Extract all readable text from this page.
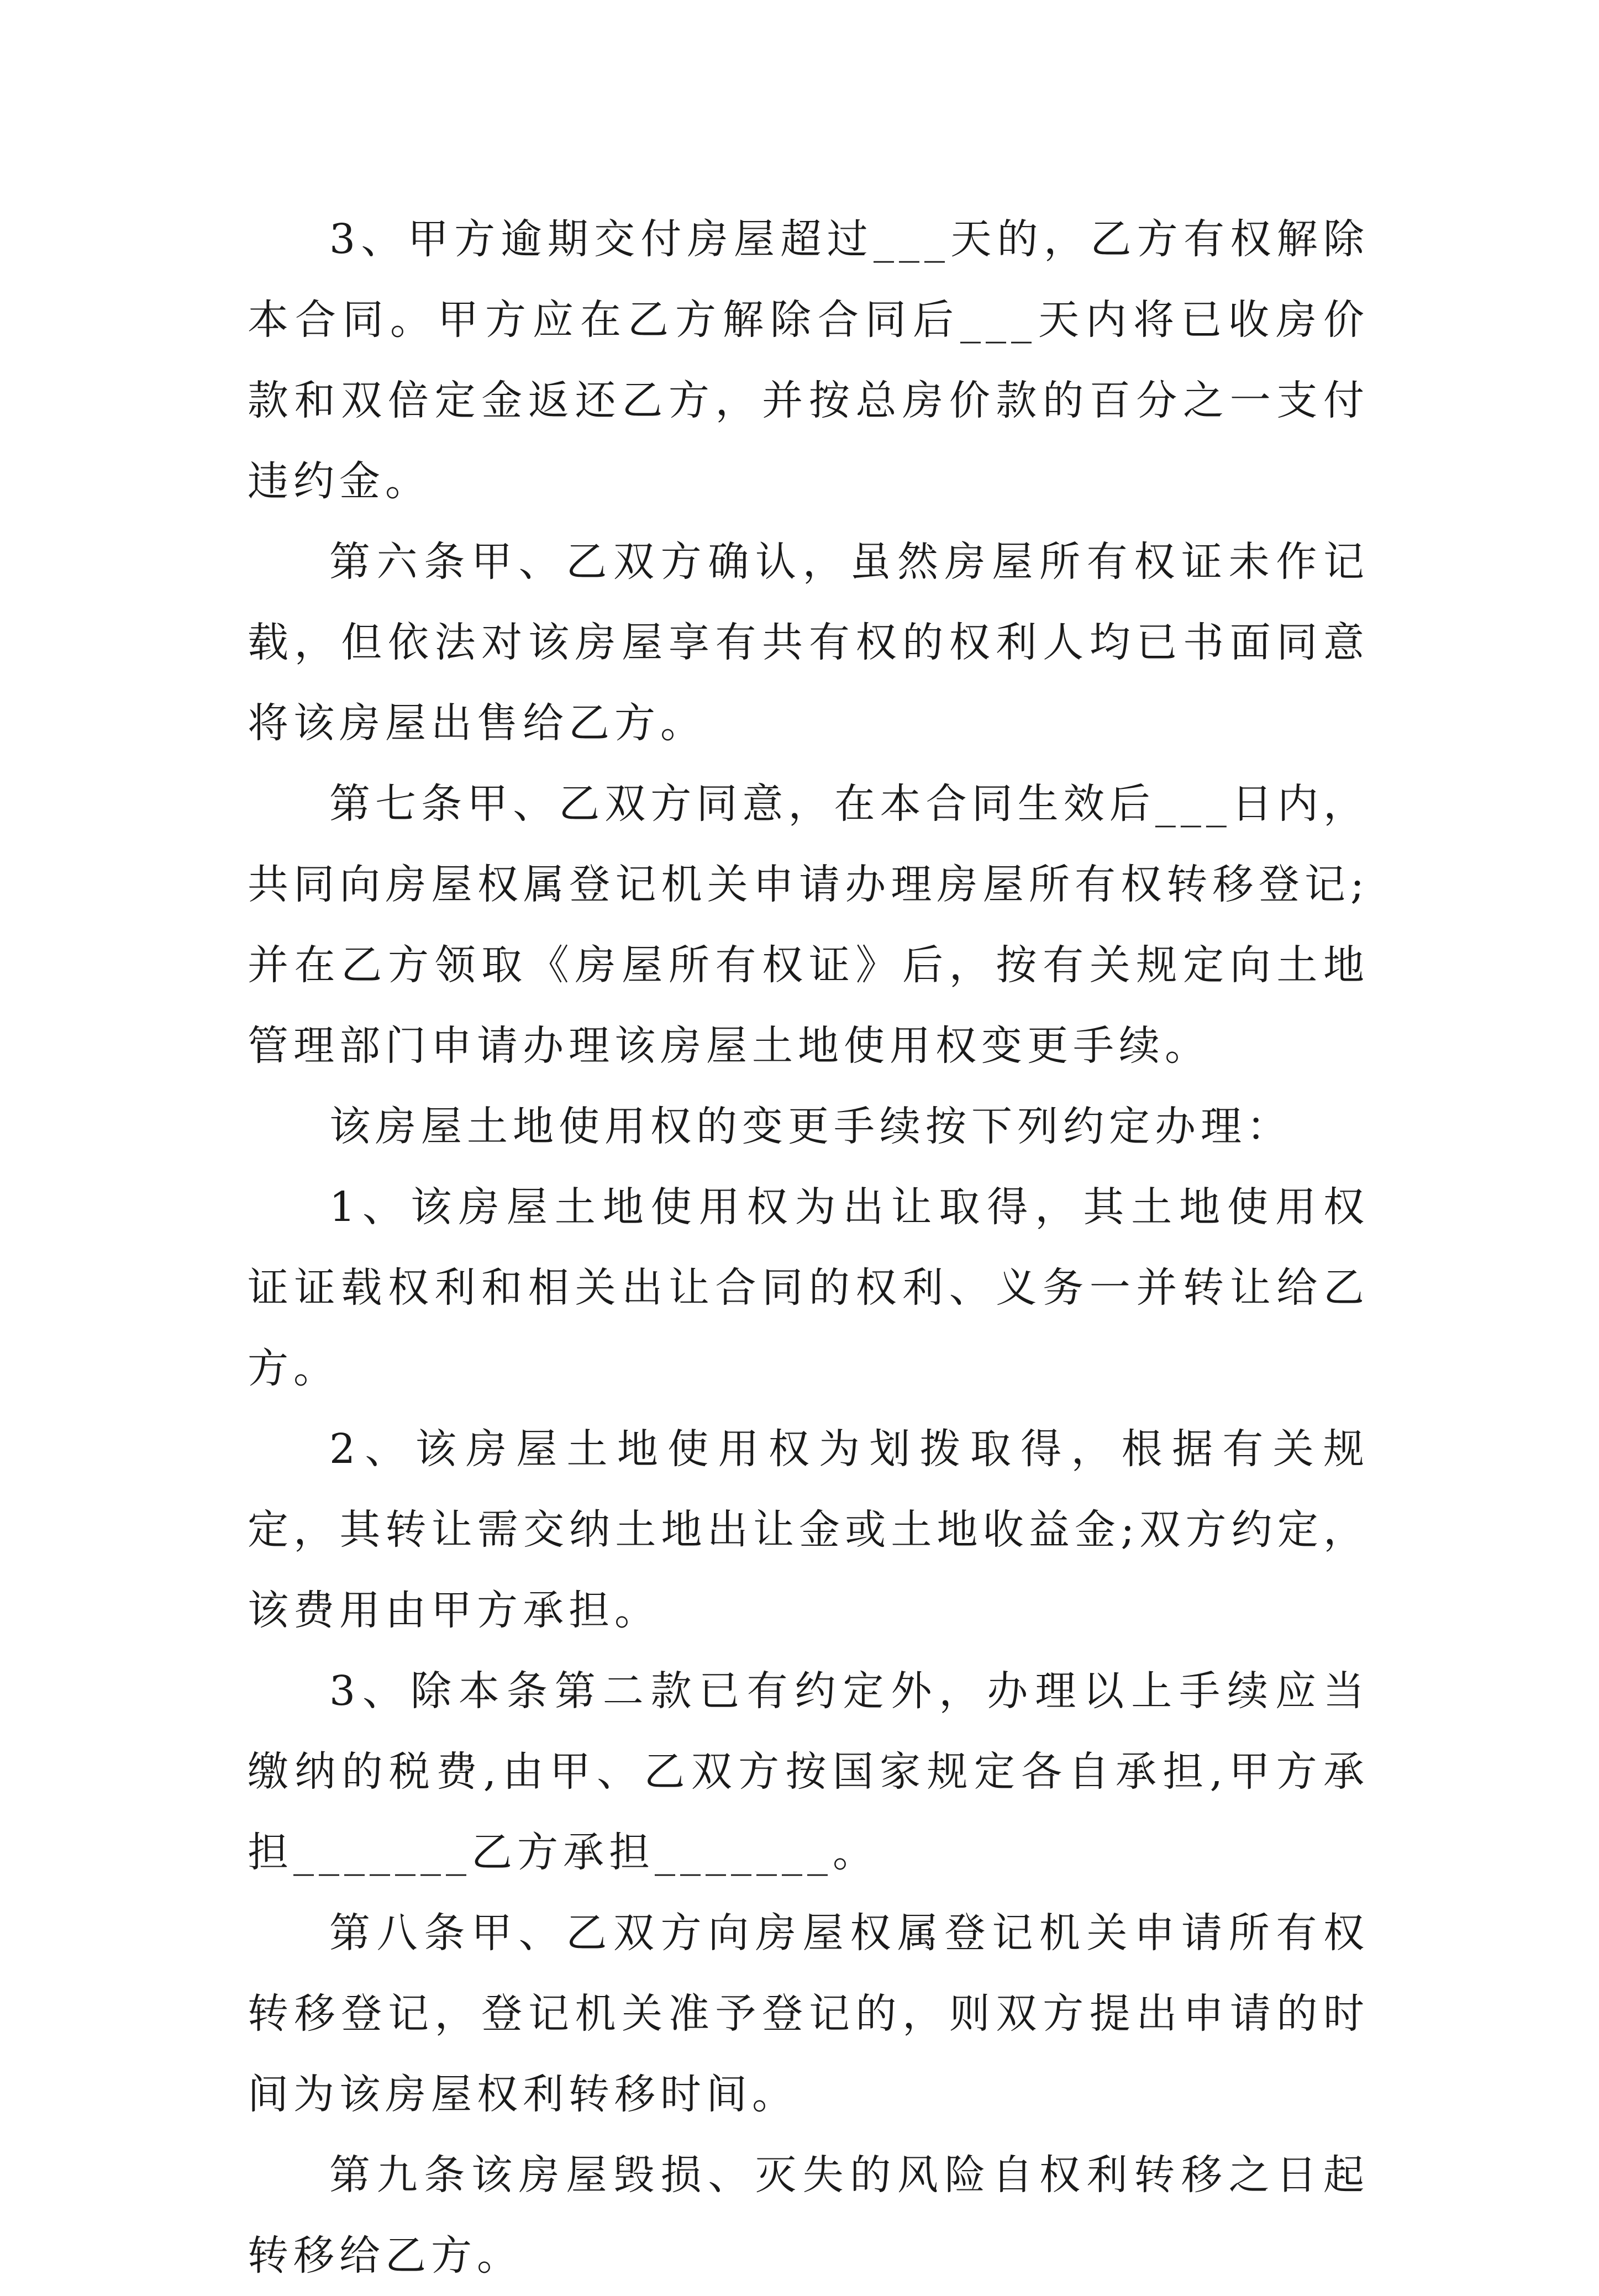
3、甲方逾期交付房屋超过___天的，乙方有权解除本合同。甲方应在乙方解除合同后___天内将已收房价款和双倍定金返还乙方，并按总房价款的百分之一支付违约金。

第六条甲、乙双方确认，虽然房屋所有权证未作记载，但依法对该房屋享有共有权的权利人均已书面同意将该房屋出售给乙方。

第七条甲、乙双方同意，在本合同生效后___日内，共同向房屋权属登记机关申请办理房屋所有权转移登记;并在乙方领取《房屋所有权证》后，按有关规定向土地管理部门申请办理该房屋土地使用权变更手续。

该房屋土地使用权的变更手续按下列约定办理：

1、该房屋土地使用权为出让取得，其土地使用权证证载权利和相关出让合同的权利、义务一并转让给乙方。

2、该房屋土地使用权为划拨取得，根据有关规定，其转让需交纳土地出让金或土地收益金;双方约定，该费用由甲方承担。

3、除本条第二款已有约定外，办理以上手续应当缴纳的税费,由甲、乙双方按国家规定各自承担,甲方承担_______乙方承担_______。

第八条甲、乙双方向房屋权属登记机关申请所有权转移登记，登记机关准予登记的，则双方提出申请的时间为该房屋权利转移时间。

第九条该房屋毁损、灭失的风险自权利转移之日起转移给乙方。
